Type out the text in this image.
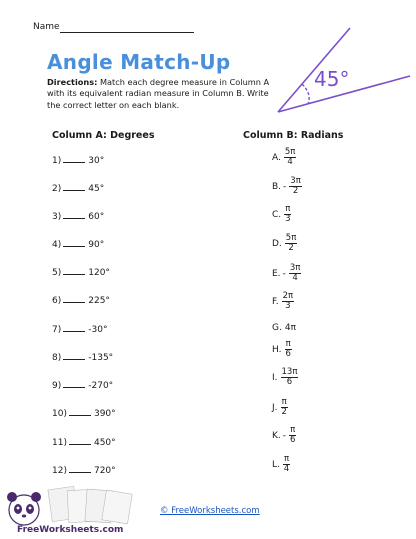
Name
Angle Match-Up
Directions: Match each degree measure in Column A with its equivalent radian measure in Column B. Write the correct letter on each blank.
45°
Column A: Degrees	Column B: Radians
1)	30°
2)	45°
3)	60°
4)	90°
5)	120°
6)	225°
7)	-30°
8)	-135°
9)	-270°
10)	390°
11)	450°
12)	720°
A. $\frac{5\pi}{4}$
B. - $\frac{3\pi}{2}$
C. $\frac{\pi}{3}$
D. $\frac{5\pi}{2}$
E. - $\frac{3\pi}{4}$
F. $\frac{2\pi}{3}$
G. 4π
H. $\frac{\pi}{6}$
I. $\frac{13\pi}{6}$
J. $\frac{\pi}{2}$
K. - $\frac{\pi}{6}$
L. $\frac{\pi}{4}$
© FreeWorksheets.com
FreeWorksheets.com
